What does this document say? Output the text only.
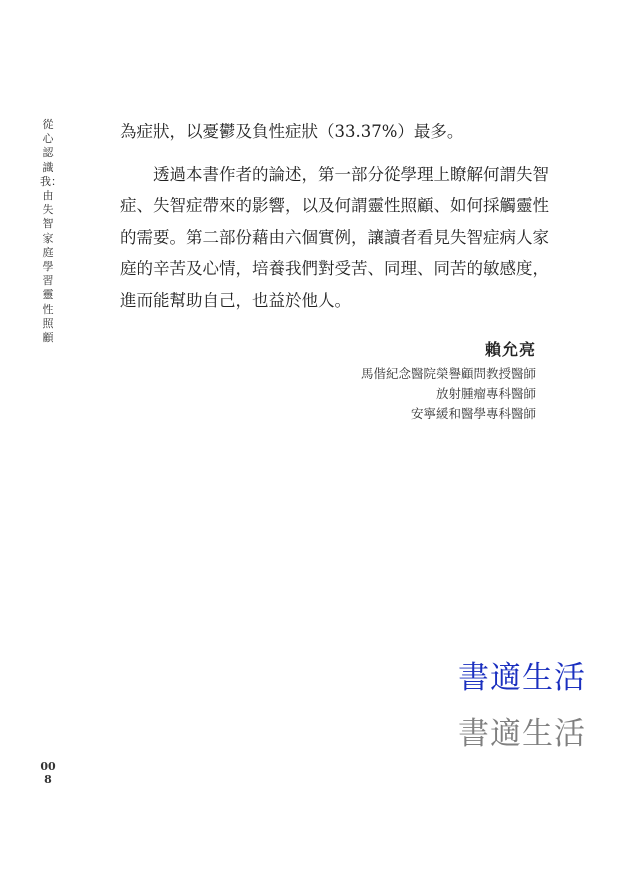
從心認識我：由失智家庭學習靈性照顧

為症狀，以憂鬱及負性症狀（33.37%）最多。

透過本書作者的論述，第一部分從學理上瞭解何謂失智症、失智症帶來的影響，以及何謂靈性照顧、如何採觸靈性的需要。第二部份藉由六個實例，讓讀者看見失智症病人家庭的辛苦及心情，培養我們對受苦、同理、同苦的敏感度，進而能幫助自己，也益於他人。

賴允亮
馬偕紀念醫院榮譽顧問教授醫師
放射腫瘤專科醫師
安寧緩和醫學專科醫師
書適生活
書適生活
008
